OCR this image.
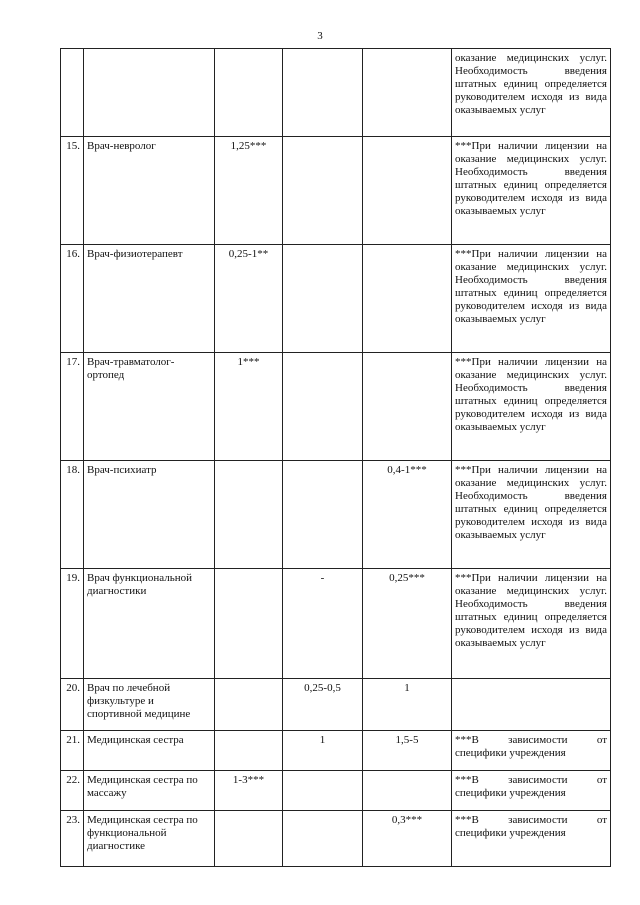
3

					оказание медицинских услуг. Необходимость введения штатных единиц определяется руководителем исходя из вида оказываемых услуг

15.	Врач-невролог	1,25***			***При наличии лицензии на оказание медицинских услуг. Необходимость введения штатных единиц определяется руководителем исходя из вида оказываемых услуг

16.	Врач-физиотерапевт	0,25-1**			***При наличии лицензии на оказание медицинских услуг. Необходимость введения штатных единиц определяется руководителем исходя из вида оказываемых услуг

17.	Врач-травматолог-ортопед	1***			***При наличии лицензии на оказание медицинских услуг. Необходимость введения штатных единиц определяется руководителем исходя из вида оказываемых услуг

18.	Врач-психиатр			0,4-1***	***При наличии лицензии на оказание медицинских услуг. Необходимость введения штатных единиц определяется руководителем исходя из вида оказываемых услуг

19.	Врач функциональной диагностики		-	0,25***	***При наличии лицензии на оказание медицинских услуг. Необходимость введения штатных единиц определяется руководителем исходя из вида оказываемых услуг

20.	Врач по лечебной физкультуре и спортивной медицине		0,25-0,5	1	

21.	Медицинская сестра		1	1,5-5	***В зависимости от специфики учреждения

22.	Медицинская сестра по массажу	1-3***			***В зависимости от специфики учреждения

23.	Медицинская сестра по функциональной диагностике			0,3***	***В зависимости от специфики учреждения
